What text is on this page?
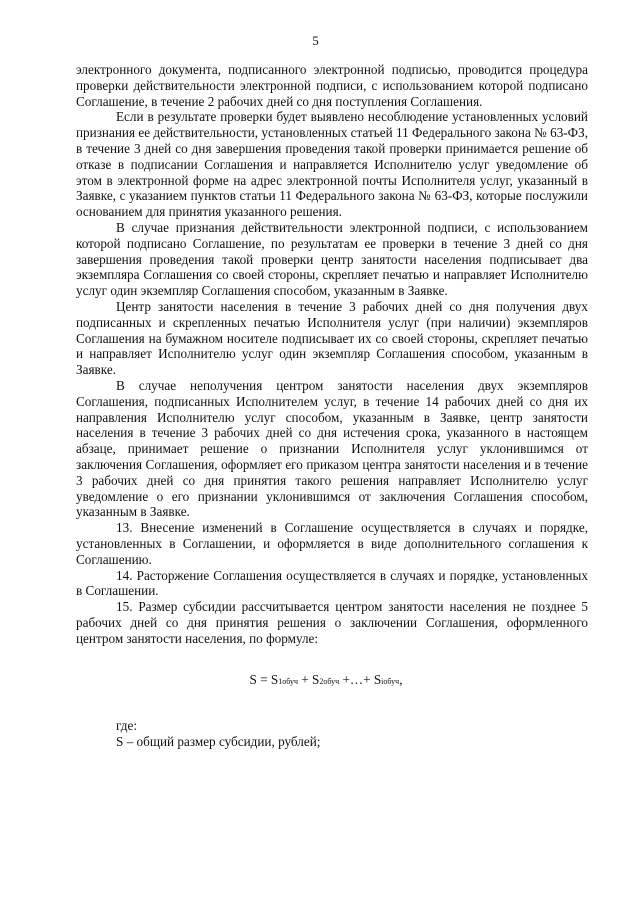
5

электронного документа, подписанного электронной подписью, проводится процедура проверки действительности электронной подписи, с использованием которой подписано Соглашение, в течение 2 рабочих дней со дня поступления Соглашения.

Если в результате проверки будет выявлено несоблюдение установленных условий признания ее действительности, установленных статьей 11 Федерального закона № 63-ФЗ, в течение 3 дней со дня завершения проведения такой проверки принимается решение об отказе в подписании Соглашения и направляется Исполнителю услуг уведомление об этом в электронной форме на адрес электронной почты Исполнителя услуг, указанный в Заявке, с указанием пунктов статьи 11 Федерального закона № 63-ФЗ, которые послужили основанием для принятия указанного решения.

В случае признания действительности электронной подписи, с использованием которой подписано Соглашение, по результатам ее проверки в течение 3 дней со дня завершения проведения такой проверки центр занятости населения подписывает два экземпляра Соглашения со своей стороны, скрепляет печатью и направляет Исполнителю услуг один экземпляр Соглашения способом, указанным в Заявке.

Центр занятости населения в течение 3 рабочих дней со дня получения двух подписанных и скрепленных печатью Исполнителя услуг (при наличии) экземпляров Соглашения на бумажном носителе подписывает их со своей стороны, скрепляет печатью и направляет Исполнителю услуг один экземпляр Соглашения способом, указанным в Заявке.

В случае неполучения центром занятости населения двух экземпляров Соглашения, подписанных Исполнителем услуг, в течение 14 рабочих дней со дня их направления Исполнителю услуг способом, указанным в Заявке, центр занятости населения в течение 3 рабочих дней со дня истечения срока, указанного в настоящем абзаце, принимает решение о признании Исполнителя услуг уклонившимся от заключения Соглашения, оформляет его приказом центра занятости населения и в течение 3 рабочих дней со дня принятия такого решения направляет Исполнителю услуг уведомление о его признании уклонившимся от заключения Соглашения способом, указанным в Заявке.

13. Внесение изменений в Соглашение осуществляется в случаях и порядке, установленных в Соглашении, и оформляется в виде дополнительного соглашения к Соглашению.

14. Расторжение Соглашения осуществляется в случаях и порядке, установленных в Соглашении.

15. Размер субсидии рассчитывается центром занятости населения не позднее 5 рабочих дней со дня принятия решения о заключении Соглашения, оформленного центром занятости населения, по формуле:

S = S1обуч + S2обуч +…+ Siобуч,

где:

S – общий размер субсидии, рублей;
